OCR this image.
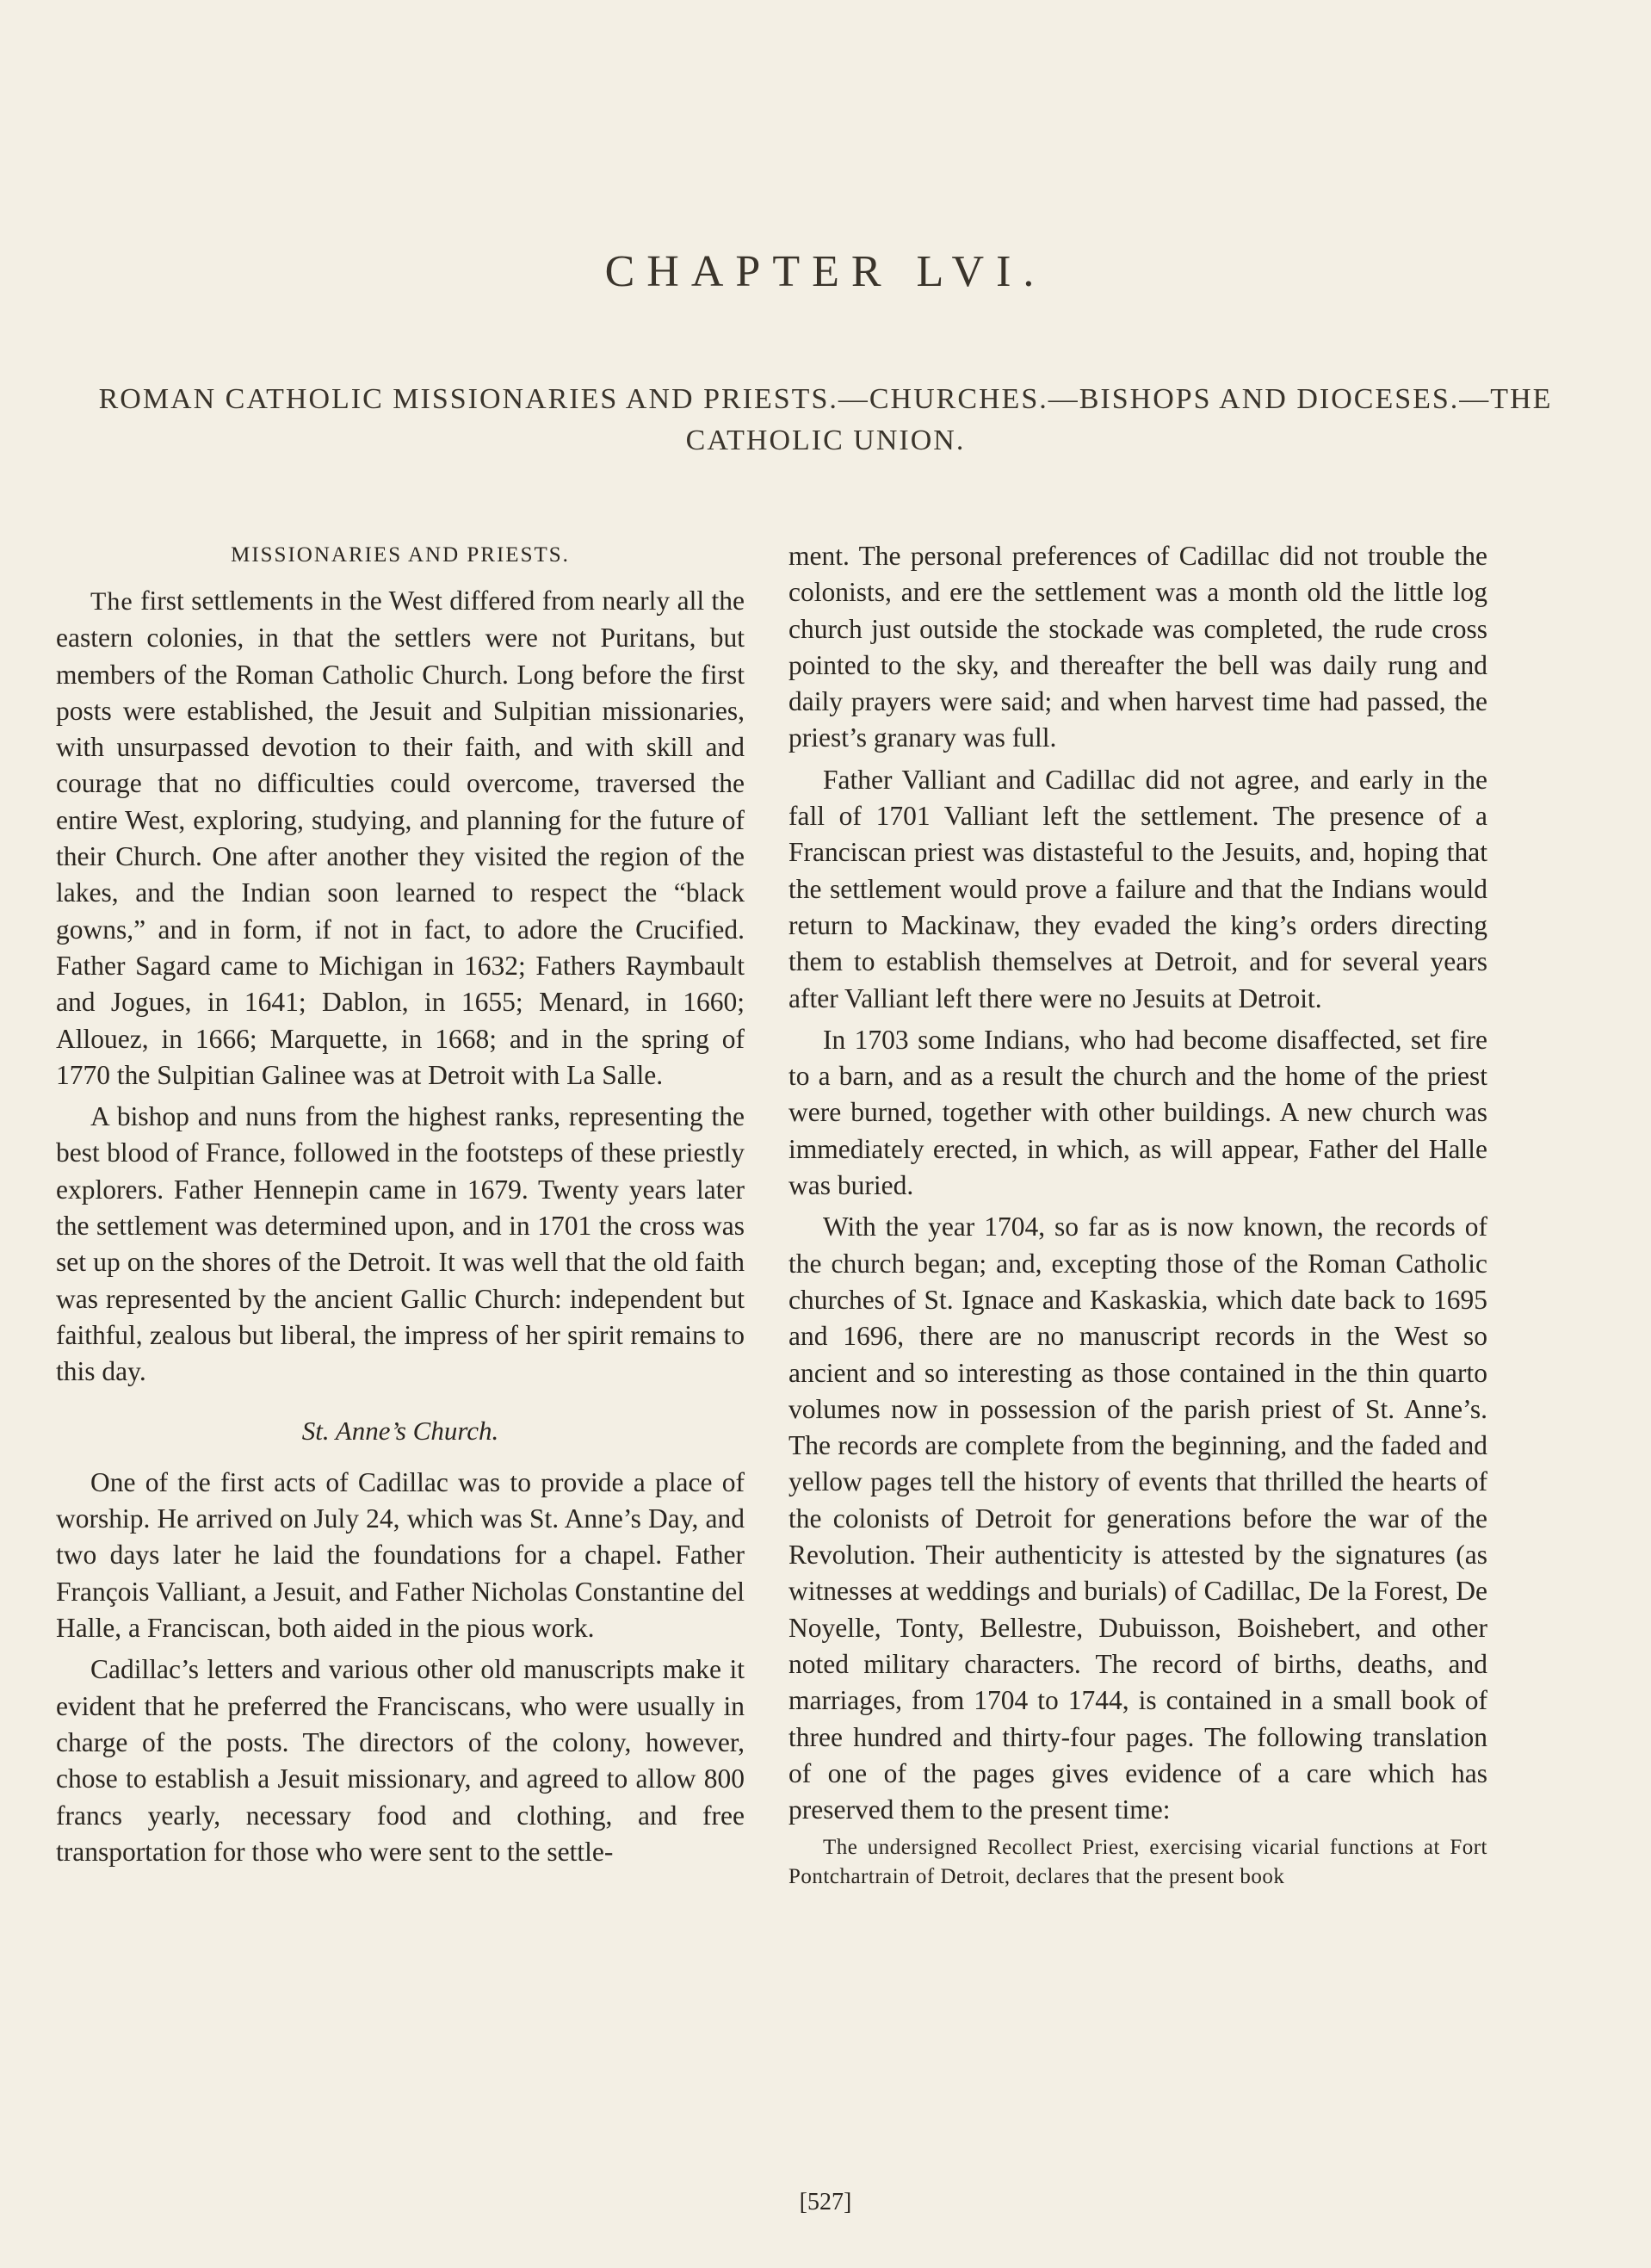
CHAPTER LVI.
ROMAN CATHOLIC MISSIONARIES AND PRIESTS.—CHURCHES.—BISHOPS AND DIOCESES.—THE CATHOLIC UNION.
MISSIONARIES AND PRIESTS.

The first settlements in the West differed from nearly all the eastern colonies, in that the settlers were not Puritans, but members of the Roman Catholic Church. Long before the first posts were established, the Jesuit and Sulpitian missionaries, with unsurpassed devotion to their faith, and with skill and courage that no difficulties could overcome, traversed the entire West, exploring, studying, and planning for the future of their Church. One after another they visited the region of the lakes, and the Indian soon learned to respect the “black gowns,” and in form, if not in fact, to adore the Crucified. Father Sagard came to Michigan in 1632; Fathers Raymbault and Jogues, in 1641; Dablon, in 1655; Menard, in 1660; Allouez, in 1666; Marquette, in 1668; and in the spring of 1770 the Sulpitian Galinee was at Detroit with La Salle.

A bishop and nuns from the highest ranks, representing the best blood of France, followed in the footsteps of these priestly explorers. Father Hennepin came in 1679. Twenty years later the settlement was determined upon, and in 1701 the cross was set up on the shores of the Detroit. It was well that the old faith was represented by the ancient Gallic Church: independent but faithful, zealous but liberal, the impress of her spirit remains to this day.

St. Anne’s Church.

One of the first acts of Cadillac was to provide a place of worship. He arrived on July 24, which was St. Anne’s Day, and two days later he laid the foundations for a chapel. Father François Valliant, a Jesuit, and Father Nicholas Constantine del Halle, a Franciscan, both aided in the pious work.

Cadillac’s letters and various other old manuscripts make it evident that he preferred the Franciscans, who were usually in charge of the posts. The directors of the colony, however, chose to establish a Jesuit missionary, and agreed to allow 800 francs yearly, necessary food and clothing, and free transportation for those who were sent to the settle-

ment. The personal preferences of Cadillac did not trouble the colonists, and ere the settlement was a month old the little log church just outside the stockade was completed, the rude cross pointed to the sky, and thereafter the bell was daily rung and daily prayers were said; and when harvest time had passed, the priest’s granary was full.

Father Valliant and Cadillac did not agree, and early in the fall of 1701 Valliant left the settlement. The presence of a Franciscan priest was distasteful to the Jesuits, and, hoping that the settlement would prove a failure and that the Indians would return to Mackinaw, they evaded the king’s orders directing them to establish themselves at Detroit, and for several years after Valliant left there were no Jesuits at Detroit.

In 1703 some Indians, who had become disaffected, set fire to a barn, and as a result the church and the home of the priest were burned, together with other buildings. A new church was immediately erected, in which, as will appear, Father del Halle was buried.

With the year 1704, so far as is now known, the records of the church began; and, excepting those of the Roman Catholic churches of St. Ignace and Kaskaskia, which date back to 1695 and 1696, there are no manuscript records in the West so ancient and so interesting as those contained in the thin quarto volumes now in possession of the parish priest of St. Anne’s. The records are complete from the beginning, and the faded and yellow pages tell the history of events that thrilled the hearts of the colonists of Detroit for generations before the war of the Revolution. Their authenticity is attested by the signatures (as witnesses at weddings and burials) of Cadillac, De la Forest, De Noyelle, Tonty, Bellestre, Dubuisson, Boishebert, and other noted military characters. The record of births, deaths, and marriages, from 1704 to 1744, is contained in a small book of three hundred and thirty-four pages. The following translation of one of the pages gives evidence of a care which has preserved them to the present time:

The undersigned Recollect Priest, exercising vicarial functions at Fort Pontchartrain of Detroit, declares that the present book

[527]
